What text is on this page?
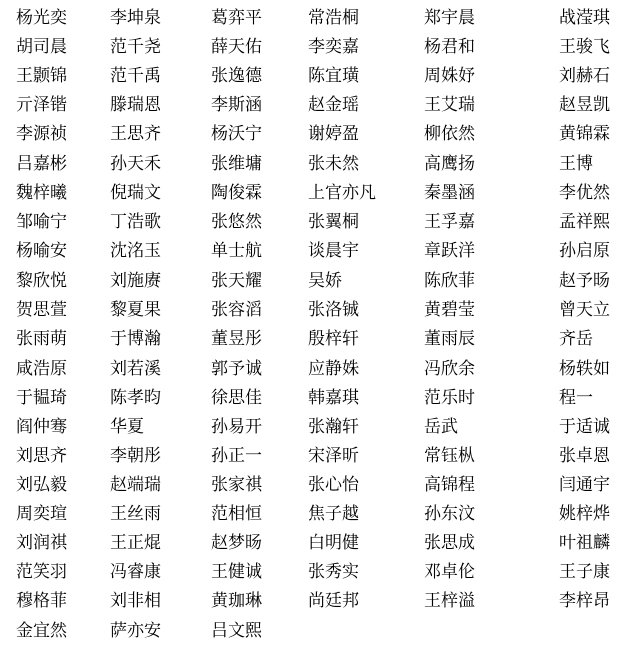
杨光奕	李坤泉	葛弈平	常浩桐	郑宇晨	战滢琪
胡司晨	范千尧	薛天佑	李奕嘉	杨君和	王骏飞
王颢锦	范千禹	张逸德	陈宜璜	周姝妤	刘赫石
亓泽锴	滕瑞恩	李斯涵	赵金瑶	王艾瑞	赵昱凯
李源祯	王思齐	杨沃宁	谢婷盈	柳依然	黄锦霖
吕嘉彬	孙天禾	张维墉	张未然	高鹰扬	王博
魏梓曦	倪瑞文	陶俊霖	上官亦凡	秦墨涵	李优然
邹喻宁	丁浩歌	张悠然	张翼桐	王孚嘉	孟祥熙
杨喻安	沈洺玉	单士航	谈晨宇	章跃洋	孙启原
黎欣悦	刘施赓	张天耀	吴娇	陈欣菲	赵予旸
贺思萱	黎夏果	张容滔	张洛铖	黄碧莹	曾天立
张雨萌	于博瀚	董昱彤	殷梓轩	董雨辰	齐岳
咸浩原	刘若溪	郭予诚	应静姝	冯欣余	杨轶如
于韫琦	陈孝昀	徐思佳	韩嘉琪	范乐时	程一
阎仲骞	华夏	孙易开	张瀚轩	岳武	于适诚
刘思齐	李朝彤	孙正一	宋泽昕	常钰枞	张卓恩
刘弘毅	赵端瑞	张家祺	张心怡	高锦程	闫通宇
周奕瑄	王丝雨	范相恒	焦子越	孙东汶	姚梓烨
刘润祺	王正焜	赵梦旸	白明健	张思成	叶祖麟
范笑羽	冯睿康	王健诚	张秀实	邓卓伦	王子康
穆格菲	刘非相	黄珈琳	尚廷邦	王梓溢	李梓昂
金宜然	萨亦安	吕文熙
